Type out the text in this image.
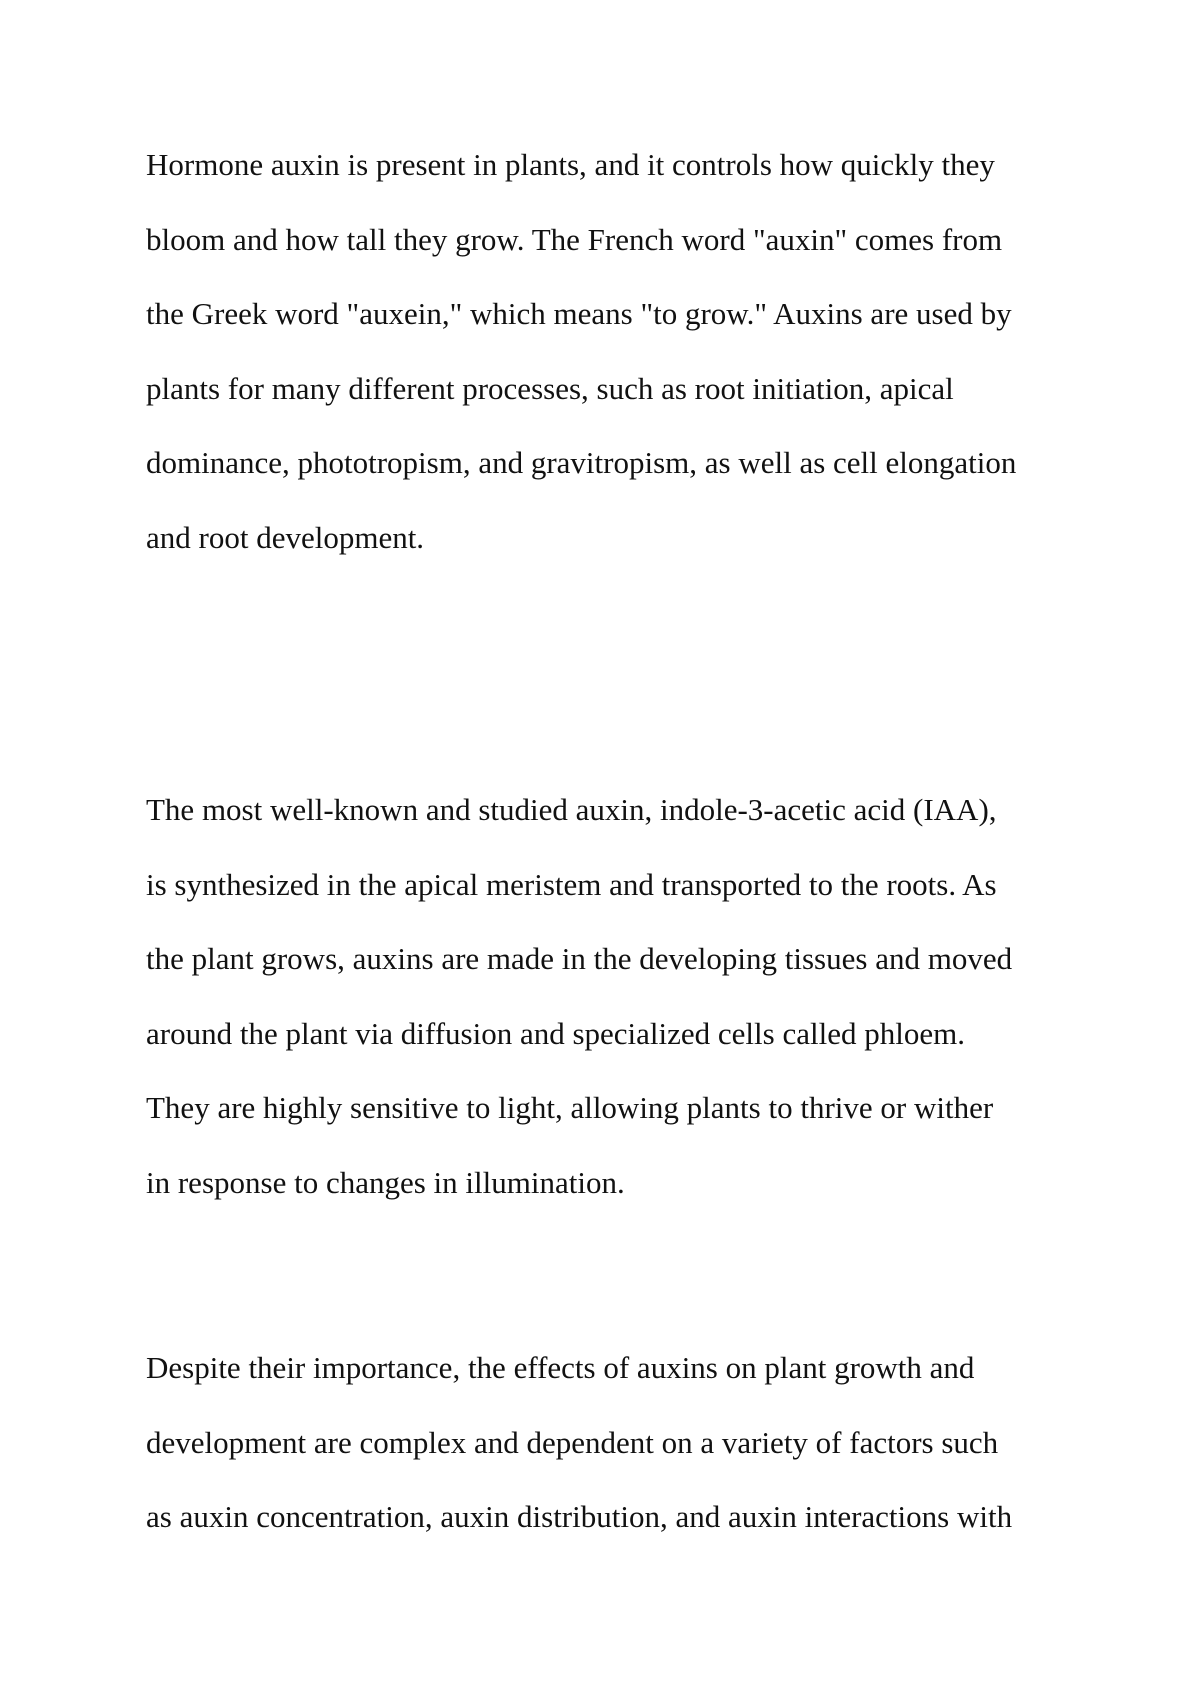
Hormone auxin is present in plants, and it controls how quickly they
bloom and how tall they grow. The French word "auxin" comes from
the Greek word "auxein," which means "to grow." Auxins are used by
plants for many different processes, such as root initiation, apical
dominance, phototropism, and gravitropism, as well as cell elongation
and root development.

The most well-known and studied auxin, indole-3-acetic acid (IAA),
is synthesized in the apical meristem and transported to the roots. As
the plant grows, auxins are made in the developing tissues and moved
around the plant via diffusion and specialized cells called phloem.
They are highly sensitive to light, allowing plants to thrive or wither
in response to changes in illumination.

Despite their importance, the effects of auxins on plant growth and
development are complex and dependent on a variety of factors such
as auxin concentration, auxin distribution, and auxin interactions with
